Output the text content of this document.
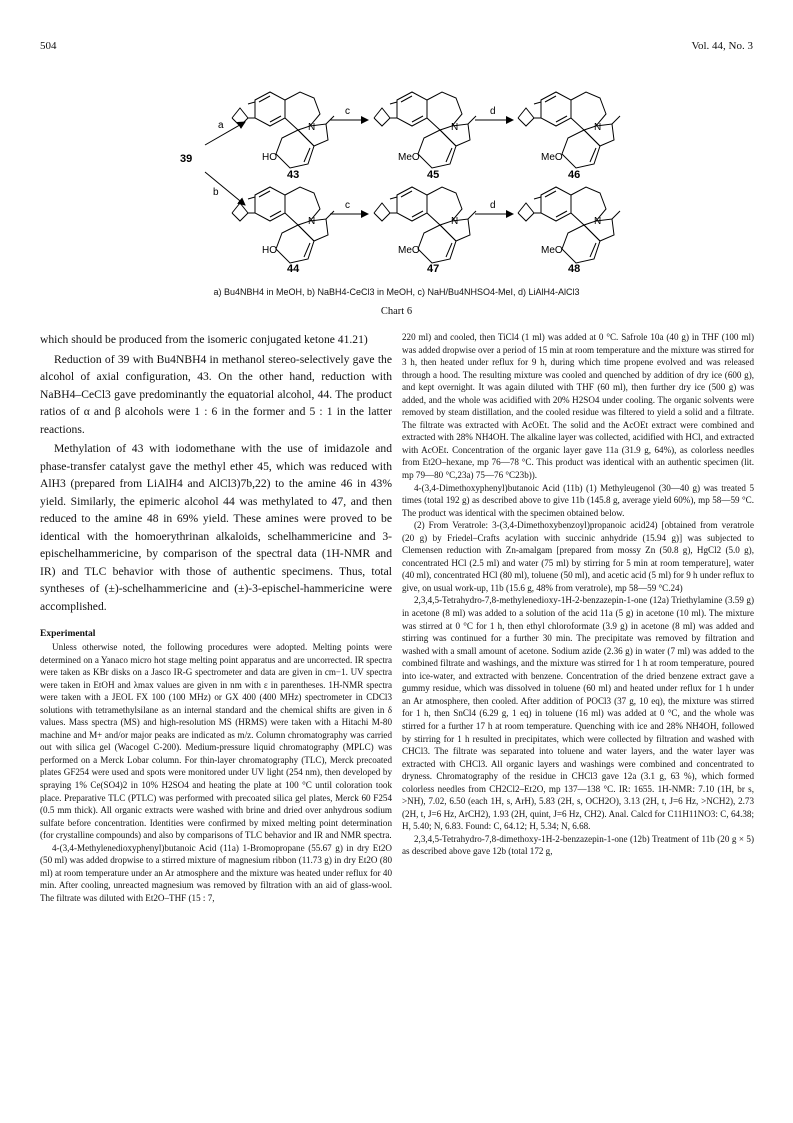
504	Vol. 44, No. 3
39
a
HO
N
43
c
MeO
N
45
d
MeO
N
46
b
HO
N
44
c
MeO
N
47
d
MeO
N
48
a) Bu4NBH4 in MeOH, b) NaBH4-CeCl3 in MeOH, c) NaH/Bu4NHSO4-MeI, d) LiAlH4-AlCl3
Chart 6

which should be produced from the isomeric conjugated ketone 41.21)

Reduction of 39 with Bu4NBH4 in methanol stereo-selectively gave the alcohol of axial configuration, 43. On the other hand, reduction with NaBH4–CeCl3 gave predominantly the equatorial alcohol, 44. The product ratios of α and β alcohols were 1 : 6 in the former and 5 : 1 in the latter reactions.

Methylation of 43 with iodomethane with the use of imidazole and phase-transfer catalyst gave the methyl ether 45, which was reduced with AlH3 (prepared from LiAlH4 and AlCl3)7b,22) to the amine 46 in 43% yield. Similarly, the epimeric alcohol 44 was methylated to 47, and then reduced to the amine 48 in 69% yield. These amines were proved to be identical with the homoerythrinan alkaloids, schelhammericine and 3-epischelhammericine, by comparison of the spectral data (1H-NMR and IR) and TLC behavior with those of authentic specimens. Thus, total syntheses of (±)-schelhammericine and (±)-3-epischel-hammericine were accomplished.

Experimental

Unless otherwise noted, the following procedures were adopted. Melting points were determined on a Yanaco micro hot stage melting point apparatus and are uncorrected. IR spectra were taken as KBr disks on a Jasco IR-G spectrometer and data are given in cm−1. UV spectra were taken in EtOH and λmax values are given in nm with ε in parentheses. 1H-NMR spectra were taken with a JEOL FX 100 (100 MHz) or GX 400 (400 MHz) spectrometer in CDCl3 solutions with tetramethylsilane as an internal standard and the chemical shifts are given in δ values. Mass spectra (MS) and high-resolution MS (HRMS) were taken with a Hitachi M-80 machine and M+ and/or major peaks are indicated as m/z. Column chromatography was carried out with silica gel (Wacogel C-200). Medium-pressure liquid chromatography (MPLC) was performed on a Merck Lobar column. For thin-layer chromatography (TLC), Merck precoated plates GF254 were used and spots were monitored under UV light (254 nm), then developed by spraying 1% Ce(SO4)2 in 10% H2SO4 and heating the plate at 100 °C until coloration took place. Preparative TLC (PTLC) was performed with precoated silica gel plates, Merck 60 F254 (0.5 mm thick). All organic extracts were washed with brine and dried over anhydrous sodium sulfate before concentration. Identities were confirmed by mixed melting point determination (for crystalline compounds) and also by comparisons of TLC behavior and IR and NMR spectra.

4-(3,4-Methylenedioxyphenyl)butanoic Acid (11a) 1-Bromopropane (55.67 g) in dry Et2O (50 ml) was added dropwise to a stirred mixture of magnesium ribbon (11.73 g) in dry Et2O (80 ml) at room temperature under an Ar atmosphere and the mixture was heated under reflux for 40 min. After cooling, unreacted magnesium was removed by filtration with an aid of glass-wool. The filtrate was diluted with Et2O–THF (15 : 7,

220 ml) and cooled, then TiCl4 (1 ml) was added at 0 °C. Safrole 10a (40 g) in THF (100 ml) was added dropwise over a period of 15 min at room temperature and the mixture was stirred for 3 h, then heated under reflux for 9 h, during which time propene evolved and was released through a hood. The resulting mixture was cooled and quenched by addition of dry ice (600 g), and kept overnight. It was again diluted with THF (60 ml), then further dry ice (500 g) was added, and the whole was acidified with 20% H2SO4 under cooling. The organic solvents were removed by steam distillation, and the cooled residue was filtered to yield a solid and a filtrate. The filtrate was extracted with AcOEt. The solid and the AcOEt extract were combined and extracted with 28% NH4OH. The alkaline layer was collected, acidified with HCl, and extracted with AcOEt. Concentration of the organic layer gave 11a (31.9 g, 64%), as colorless needles from Et2O–hexane, mp 76—78 °C. This product was identical with an authentic specimen (lit. mp 79—80 °C,23a) 75—76 °C23b)).

4-(3,4-Dimethoxyphenyl)butanoic Acid (11b) (1) Methyleugenol (30—40 g) was treated 5 times (total 192 g) as described above to give 11b (145.8 g, average yield 60%), mp 58—59 °C. The product was identical with the specimen obtained below.

(2) From Veratrole: 3-(3,4-Dimethoxybenzoyl)propanoic acid24) [obtained from veratrole (20 g) by Friedel–Crafts acylation with succinic anhydride (15.94 g)] was subjected to Clemensen reduction with Zn-amalgam [prepared from mossy Zn (50.8 g), HgCl2 (5.0 g), concentrated HCl (2.5 ml) and water (75 ml) by stirring for 5 min at room temperature], water (40 ml), concentrated HCl (80 ml), toluene (50 ml), and acetic acid (5 ml) for 9 h under reflux to give, on usual work-up, 11b (15.6 g, 48% from veratrole), mp 58—59 °C.24)

2,3,4,5-Tetrahydro-7,8-methylenedioxy-1H-2-benzazepin-1-one (12a) Triethylamine (3.59 g) in acetone (8 ml) was added to a solution of the acid 11a (5 g) in acetone (10 ml). The mixture was stirred at 0 °C for 1 h, then ethyl chloroformate (3.9 g) in acetone (8 ml) was added and stirring was continued for a further 30 min. The precipitate was removed by filtration and washed with a small amount of acetone. Sodium azide (2.36 g) in water (7 ml) was added to the combined filtrate and washings, and the mixture was stirred for 1 h at room temperature, poured into ice-water, and extracted with benzene. Concentration of the dried benzene extract gave a gummy residue, which was dissolved in toluene (60 ml) and heated under reflux for 1 h under an Ar atmosphere, then cooled. After addition of POCl3 (37 g, 10 eq), the mixture was stirred for 1 h, then SnCl4 (6.29 g, 1 eq) in toluene (16 ml) was added at 0 °C, and the whole was stirred for a further 17 h at room temperature. Quenching with ice and 28% NH4OH, followed by stirring for 1 h resulted in precipitates, which were collected by filtration and washed with CHCl3. The filtrate was separated into toluene and water layers, and the water layer was extracted with CHCl3. All organic layers and washings were combined and concentrated to dryness. Chromatography of the residue in CHCl3 gave 12a (3.1 g, 63 %), which formed colorless needles from CH2Cl2–Et2O, mp 137—138 °C. IR: 1655. 1H-NMR: 7.10 (1H, br s, >NH), 7.02, 6.50 (each 1H, s, ArH), 5.83 (2H, s, OCH2O), 3.13 (2H, t, J=6 Hz, >NCH2), 2.73 (2H, t, J=6 Hz, ArCH2), 1.93 (2H, quint, J=6 Hz, CH2). Anal. Calcd for C11H11NO3: C, 64.38; H, 5.40; N, 6.83. Found: C, 64.12; H, 5.34; N, 6.68.

2,3,4,5-Tetrahydro-7,8-dimethoxy-1H-2-benzazepin-1-one (12b) Treatment of 11b (20 g × 5) as described above gave 12b (total 172 g,
